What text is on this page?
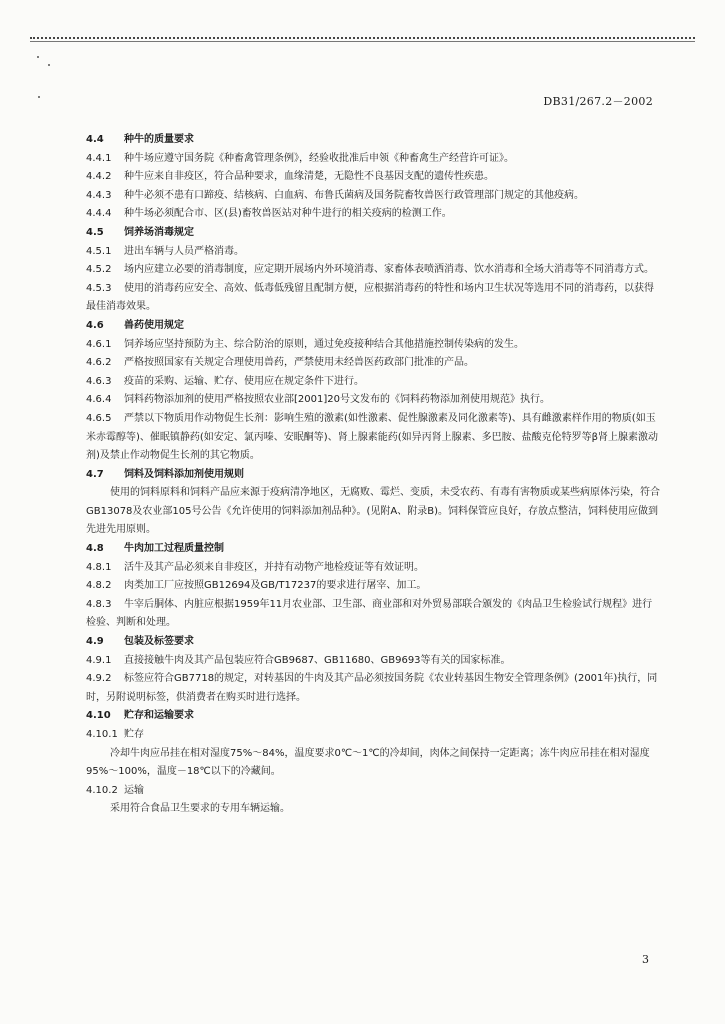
DB31/267.2－2002
4.4 种牛的质量要求
4.4.1 种牛场应遵守国务院《种畜禽管理条例》，经验收批准后申领《种畜禽生产经营许可证》。
4.4.2 种牛应来自非疫区，符合品种要求，血缘清楚，无隐性不良基因支配的遗传性疾患。
4.4.3 种牛必须不患有口蹄疫、结核病、白血病、布鲁氏菌病及国务院畜牧兽医行政管理部门规定的其他疫病。
4.4.4 种牛场必须配合市、区(县)畜牧兽医站对种牛进行的相关疫病的检测工作。
4.5 饲养场消毒规定
4.5.1 进出车辆与人员严格消毒。
4.5.2 场内应建立必要的消毒制度，应定期开展场内外环境消毒、家畜体表喷洒消毒、饮水消毒和全场大消毒等不同消毒方式。
4.5.3 使用的消毒药应安全、高效、低毒低残留且配制方便，应根据消毒药的特性和场内卫生状况等选用不同的消毒药，以获得最佳消毒效果。
4.6 兽药使用规定
4.6.1 饲养场应坚持预防为主、综合防治的原则，通过免疫接种结合其他措施控制传染病的发生。
4.6.2 严格按照国家有关规定合理使用兽药，严禁使用未经兽医药政部门批准的产品。
4.6.3 疫苗的采购、运输、贮存、使用应在规定条件下进行。
4.6.4 饲料药物添加剂的使用严格按照农业部[2001]20号文发布的《饲料药物添加剂使用规范》执行。
4.6.5 严禁以下物质用作动物促生长剂：影响生殖的激素(如性激素、促性腺激素及同化激素等)、具有雌激素样作用的物质(如玉米赤霉醇等)、催眠镇静药(如安定、氯丙嗪、安眠酮等)、肾上腺素能药(如异丙肾上腺素、多巴胺、盐酸克伦特罗等β肾上腺素激动剂)及禁止作动物促生长剂的其它物质。
4.7 饲料及饲料添加剂使用规则
使用的饲料原料和饲料产品应来源于疫病清净地区，无腐败、霉烂、变质，未受农药、有毒有害物质或某些病原体污染，符合GB13078及农业部105号公告《允许使用的饲料添加剂品种》。(见附A、附录B)。饲料保管应良好，存放点整洁，饲料使用应做到先进先用原则。
4.8 牛肉加工过程质量控制
4.8.1 活牛及其产品必须来自非疫区，并持有动物产地检疫证等有效证明。
4.8.2 肉类加工厂应按照GB12694及GB/T17237的要求进行屠宰、加工。
4.8.3 牛宰后胴体、内脏应根据1959年11月农业部、卫生部、商业部和对外贸易部联合颁发的《肉品卫生检验试行规程》进行检验、判断和处理。
4.9 包装及标签要求
4.9.1 直接接触牛肉及其产品包装应符合GB9687、GB11680、GB9693等有关的国家标准。
4.9.2 标签应符合GB7718的规定，对转基因的牛肉及其产品必须按国务院《农业转基因生物安全管理条例》(2001年)执行，同时，另附说明标签，供消费者在购买时进行选择。
4.10 贮存和运输要求
4.10.1 贮存
冷却牛肉应吊挂在相对湿度75%～84%，温度要求0℃～1℃的冷却间，肉体之间保持一定距离；冻牛肉应吊挂在相对湿度95%～100%，温度－18℃以下的冷藏间。
4.10.2 运输
采用符合食品卫生要求的专用车辆运输。
3
